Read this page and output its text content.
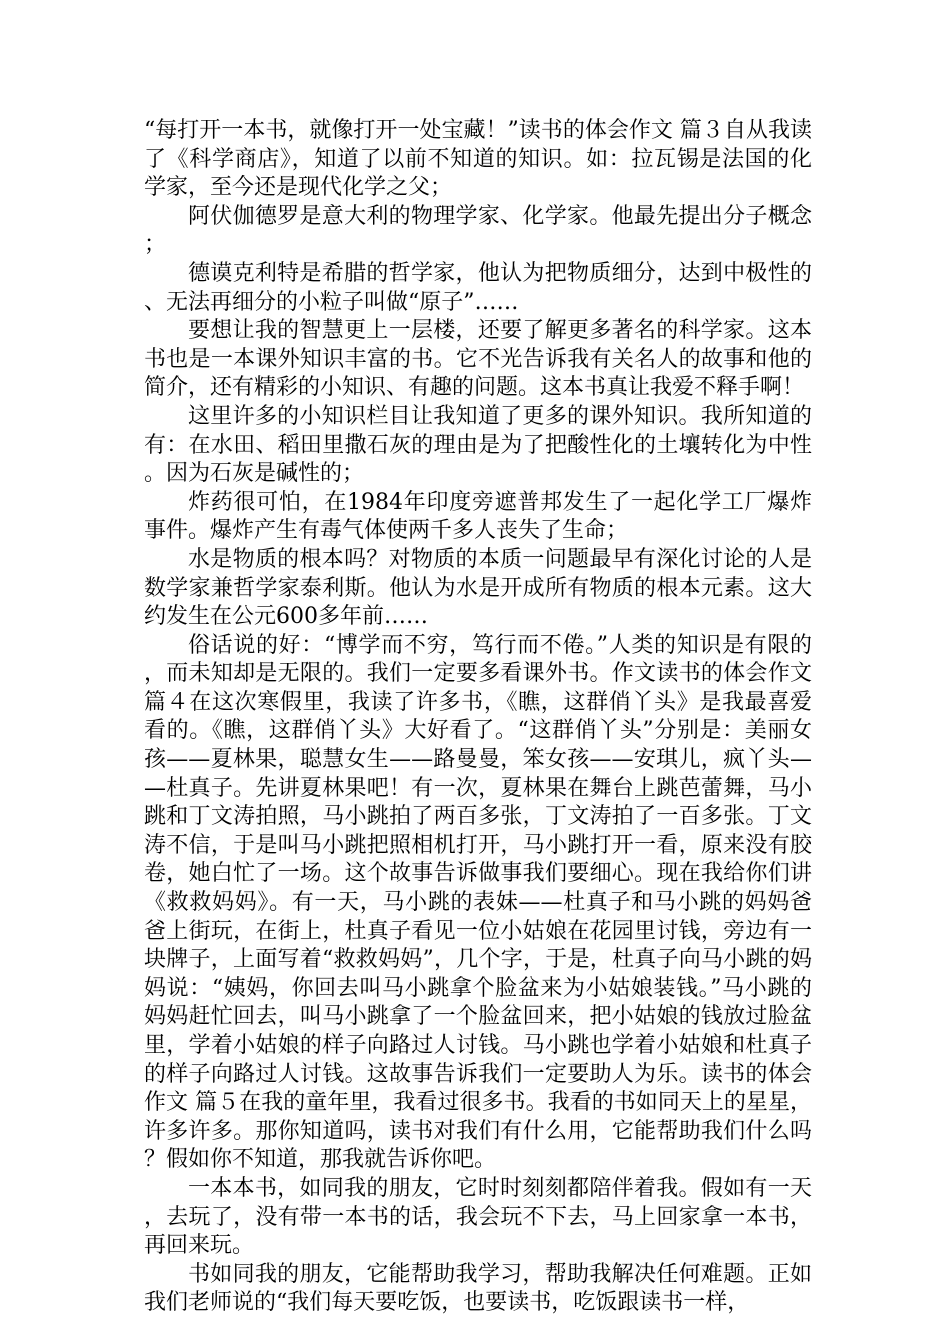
“每打开一本书，就像打开一处宝藏！”读书的体会作文 篇３自从我读了《科学商店》，知道了以前不知道的知识。如：拉瓦锡是法国的化学家，至今还是现代化学之父；

阿伏伽德罗是意大利的物理学家、化学家。他最先提出分子概念；

德谟克利特是希腊的哲学家，他认为把物质细分，达到中极性的、无法再细分的小粒子叫做“原子”……

要想让我的智慧更上一层楼，还要了解更多著名的科学家。这本书也是一本课外知识丰富的书。它不光告诉我有关名人的故事和他的简介，还有精彩的小知识、有趣的问题。这本书真让我爱不释手啊！

这里许多的小知识栏目让我知道了更多的课外知识。我所知道的有：在水田、稻田里撒石灰的理由是为了把酸性化的土壤转化为中性。因为石灰是碱性的；

炸药很可怕，在1984年印度旁遮普邦发生了一起化学工厂爆炸事件。爆炸产生有毒气体使两千多人丧失了生命；

水是物质的根本吗？对物质的本质一问题最早有深化讨论的人是数学家兼哲学家泰利斯。他认为水是开成所有物质的根本元素。这大约发生在公元600多年前……

俗话说的好：“博学而不穷，笃行而不倦。”人类的知识是有限的，而未知却是无限的。我们一定要多看课外书。作文读书的体会作文 篇４在这次寒假里，我读了许多书，《瞧，这群俏丫头》是我最喜爱看的。《瞧，这群俏丫头》大好看了。“这群俏丫头”分别是：美丽女孩——夏林果，聪慧女生——路曼曼，笨女孩——安琪儿，疯丫头——杜真子。先讲夏林果吧！有一次，夏林果在舞台上跳芭蕾舞，马小跳和丁文涛拍照，马小跳拍了两百多张，丁文涛拍了一百多张。丁文涛不信，于是叫马小跳把照相机打开，马小跳打开一看，原来没有胶卷，她白忙了一场。这个故事告诉做事我们要细心。现在我给你们讲《救救妈妈》。有一天，马小跳的表妹——杜真子和马小跳的妈妈爸爸上街玩，在街上，杜真子看见一位小姑娘在花园里讨钱，旁边有一块牌子，上面写着“救救妈妈”，几个字，于是，杜真子向马小跳的妈妈说：“姨妈，你回去叫马小跳拿个脸盆来为小姑娘装钱。”马小跳的妈妈赶忙回去，叫马小跳拿了一个脸盆回来，把小姑娘的钱放过脸盆里，学着小姑娘的样子向路过人讨钱。马小跳也学着小姑娘和杜真子的样子向路过人讨钱。这故事告诉我们一定要助人为乐。读书的体会作文 篇５在我的童年里，我看过很多书。我看的书如同天上的星星，许多许多。那你知道吗，读书对我们有什么用，它能帮助我们什么吗？假如你不知道，那我就告诉你吧。

一本本书，如同我的朋友，它时时刻刻都陪伴着我。假如有一天，去玩了，没有带一本书的话，我会玩不下去，马上回家拿一本书，再回来玩。

书如同我的朋友，它能帮助我学习，帮助我解决任何难题。正如我们老师说的“我们每天要吃饭，也要读书，吃饭跟读书一样，
